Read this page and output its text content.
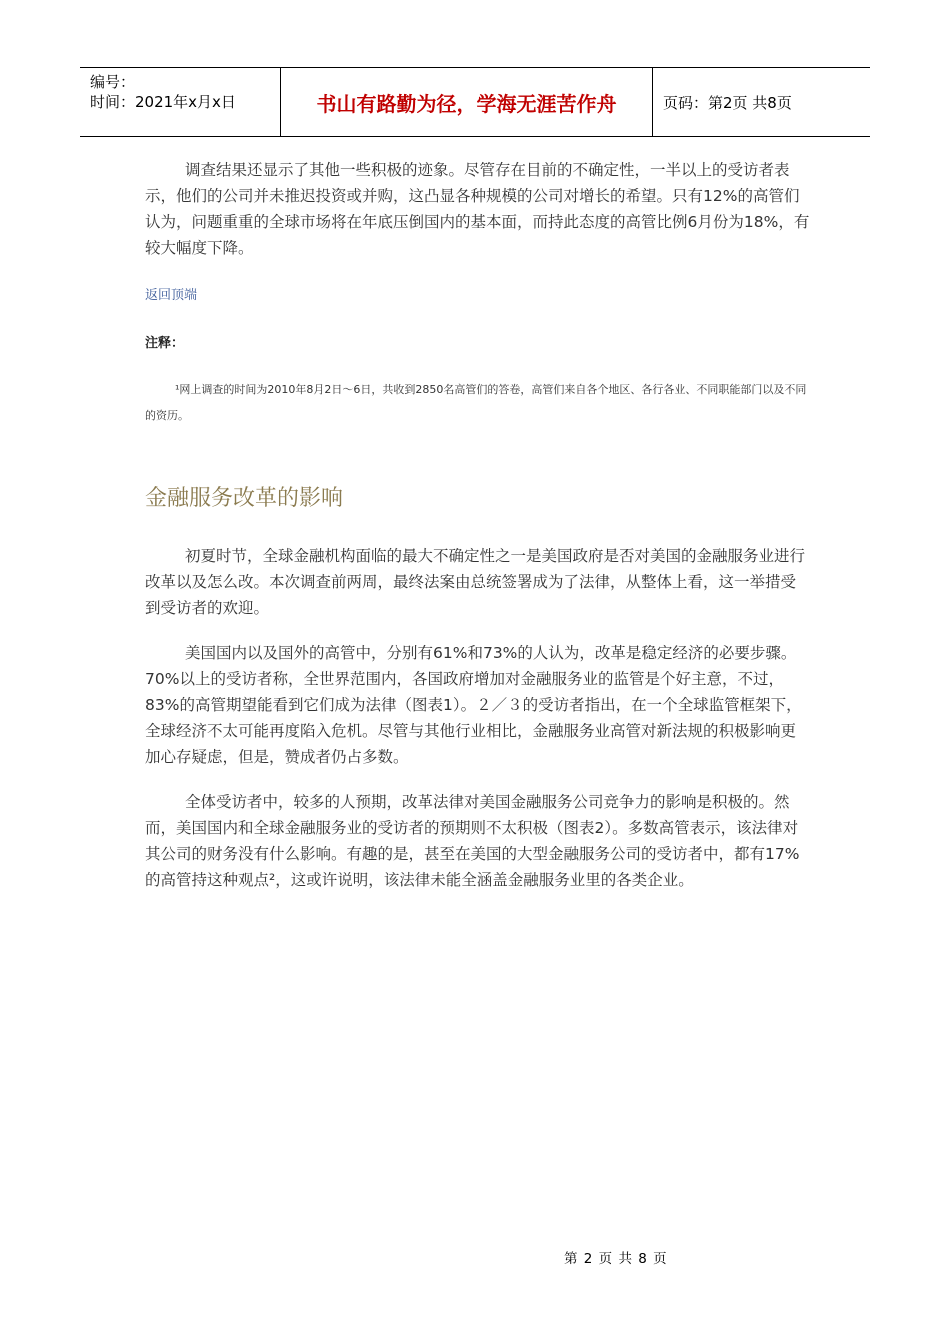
编号：
时间：2021年x月x日	书山有路勤为径，学海无涯苦作舟	页码：第2页 共8页

调查结果还显示了其他一些积极的迹象。尽管存在目前的不确定性，一半以上的受访者表示，他们的公司并未推迟投资或并购，这凸显各种规模的公司对增长的希望。只有12%的高管们认为，问题重重的全球市场将在年底压倒国内的基本面，而持此态度的高管比例6月份为18%，有较大幅度下降。

返回顶端
注释：

¹网上调查的时间为2010年8月2日～6日，共收到2850名高管们的答卷，高管们来自各个地区、各行各业、不同职能部门以及不同的资历。

金融服务改革的影响

初夏时节，全球金融机构面临的最大不确定性之一是美国政府是否对美国的金融服务业进行改革以及怎么改。本次调查前两周，最终法案由总统签署成为了法律，从整体上看，这一举措受到受访者的欢迎。

美国国内以及国外的高管中，分别有61%和73%的人认为，改革是稳定经济的必要步骤。70%以上的受访者称，全世界范围内，各国政府增加对金融服务业的监管是个好主意，不过，83%的高管期望能看到它们成为法律（图表1）。２／３的受访者指出，在一个全球监管框架下，全球经济不太可能再度陷入危机。尽管与其他行业相比，金融服务业高管对新法规的积极影响更加心存疑虑，但是，赞成者仍占多数。

全体受访者中，较多的人预期，改革法律对美国金融服务公司竞争力的影响是积极的。然而，美国国内和全球金融服务业的受访者的预期则不太积极（图表2）。多数高管表示，该法律对其公司的财务没有什么影响。有趣的是，甚至在美国的大型金融服务公司的受访者中，都有17%的高管持这种观点²，这或许说明，该法律未能全涵盖金融服务业里的各类企业。

第 2 页 共 8 页
